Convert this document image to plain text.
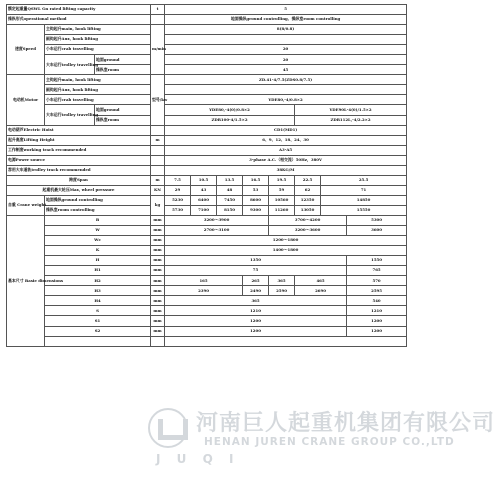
额定起重量QSWL Gn rated lifting capacity			t	5							
操纵形式operational method				地面操纵ground controlling、操纵室room controlling							
速度Speed	主钩起升main, hook lifting		m/min	8(8/0.8)							
	副钩起升Aux, hook lifting										
	小车运行crab travelling			20							
	大车运行trolley travelling	地面ground		20							
		操纵室room		45							
电动机Motor	主钩起升main, hook lifting		型号/kw	ZD.41-4/7.5(ZDS0.8/7.5)							
	副钩起升Aux, hook lifting										
	小车运行crab travelling			YDE80,-4/0.8×2							
	大车运行trolley travelling	地面ground		YDE80,-4(0)/0.8×2					YDE90L-4(0)/1.5×2		
		操纵室room		ZDR100-4/1.5×2					ZDR112L,-4/2.2×2		
电动葫芦Electric Hoist				CD1(MD1)							
起升高度Lifting Height			m	6、9、12、18、24、30							
工作制度working track recommended				A3-A5							
电源Power source				3-phase A.C.（相交流）50Hz，380V							
荐用大车道轨trolley track recommended				38KG/M							
跨度Span			m	7.5	10.5	13.5	16.5	19.5	22.5	25.5	
起重机最大轮压Max, wheel pressure			KN	29	43	48	53	59	62	71	
自重 Crane weight	地面操纵ground controlling		kg	5230	6400	7450	8600	10560	12350	14850	
	操纵室room controlling			5730	7100	8150	9300	11260	13050	15550	
基本尺寸 Basie dimensions	B		mm	3200～3900				3700～4200			5300
	W		mm	2700～3100				3200～3600			3600
	Wc		mm	1200～1800							
	K		mm	1400～1800							
	H		mm	1350							1550
	H1		mm	75							765
	H2		mm	165			265	365	465		570
	H3		mm	2390			2490	2590	2690		2595
	H4		mm	365							540
	S		mm	1210							1210
	S1		mm	1200							1200
	S2		mm	1200							1200

河南巨人起重机集团有限公司
HENAN JUREN CRANE GROUP CO.,LTD
J U Q I
